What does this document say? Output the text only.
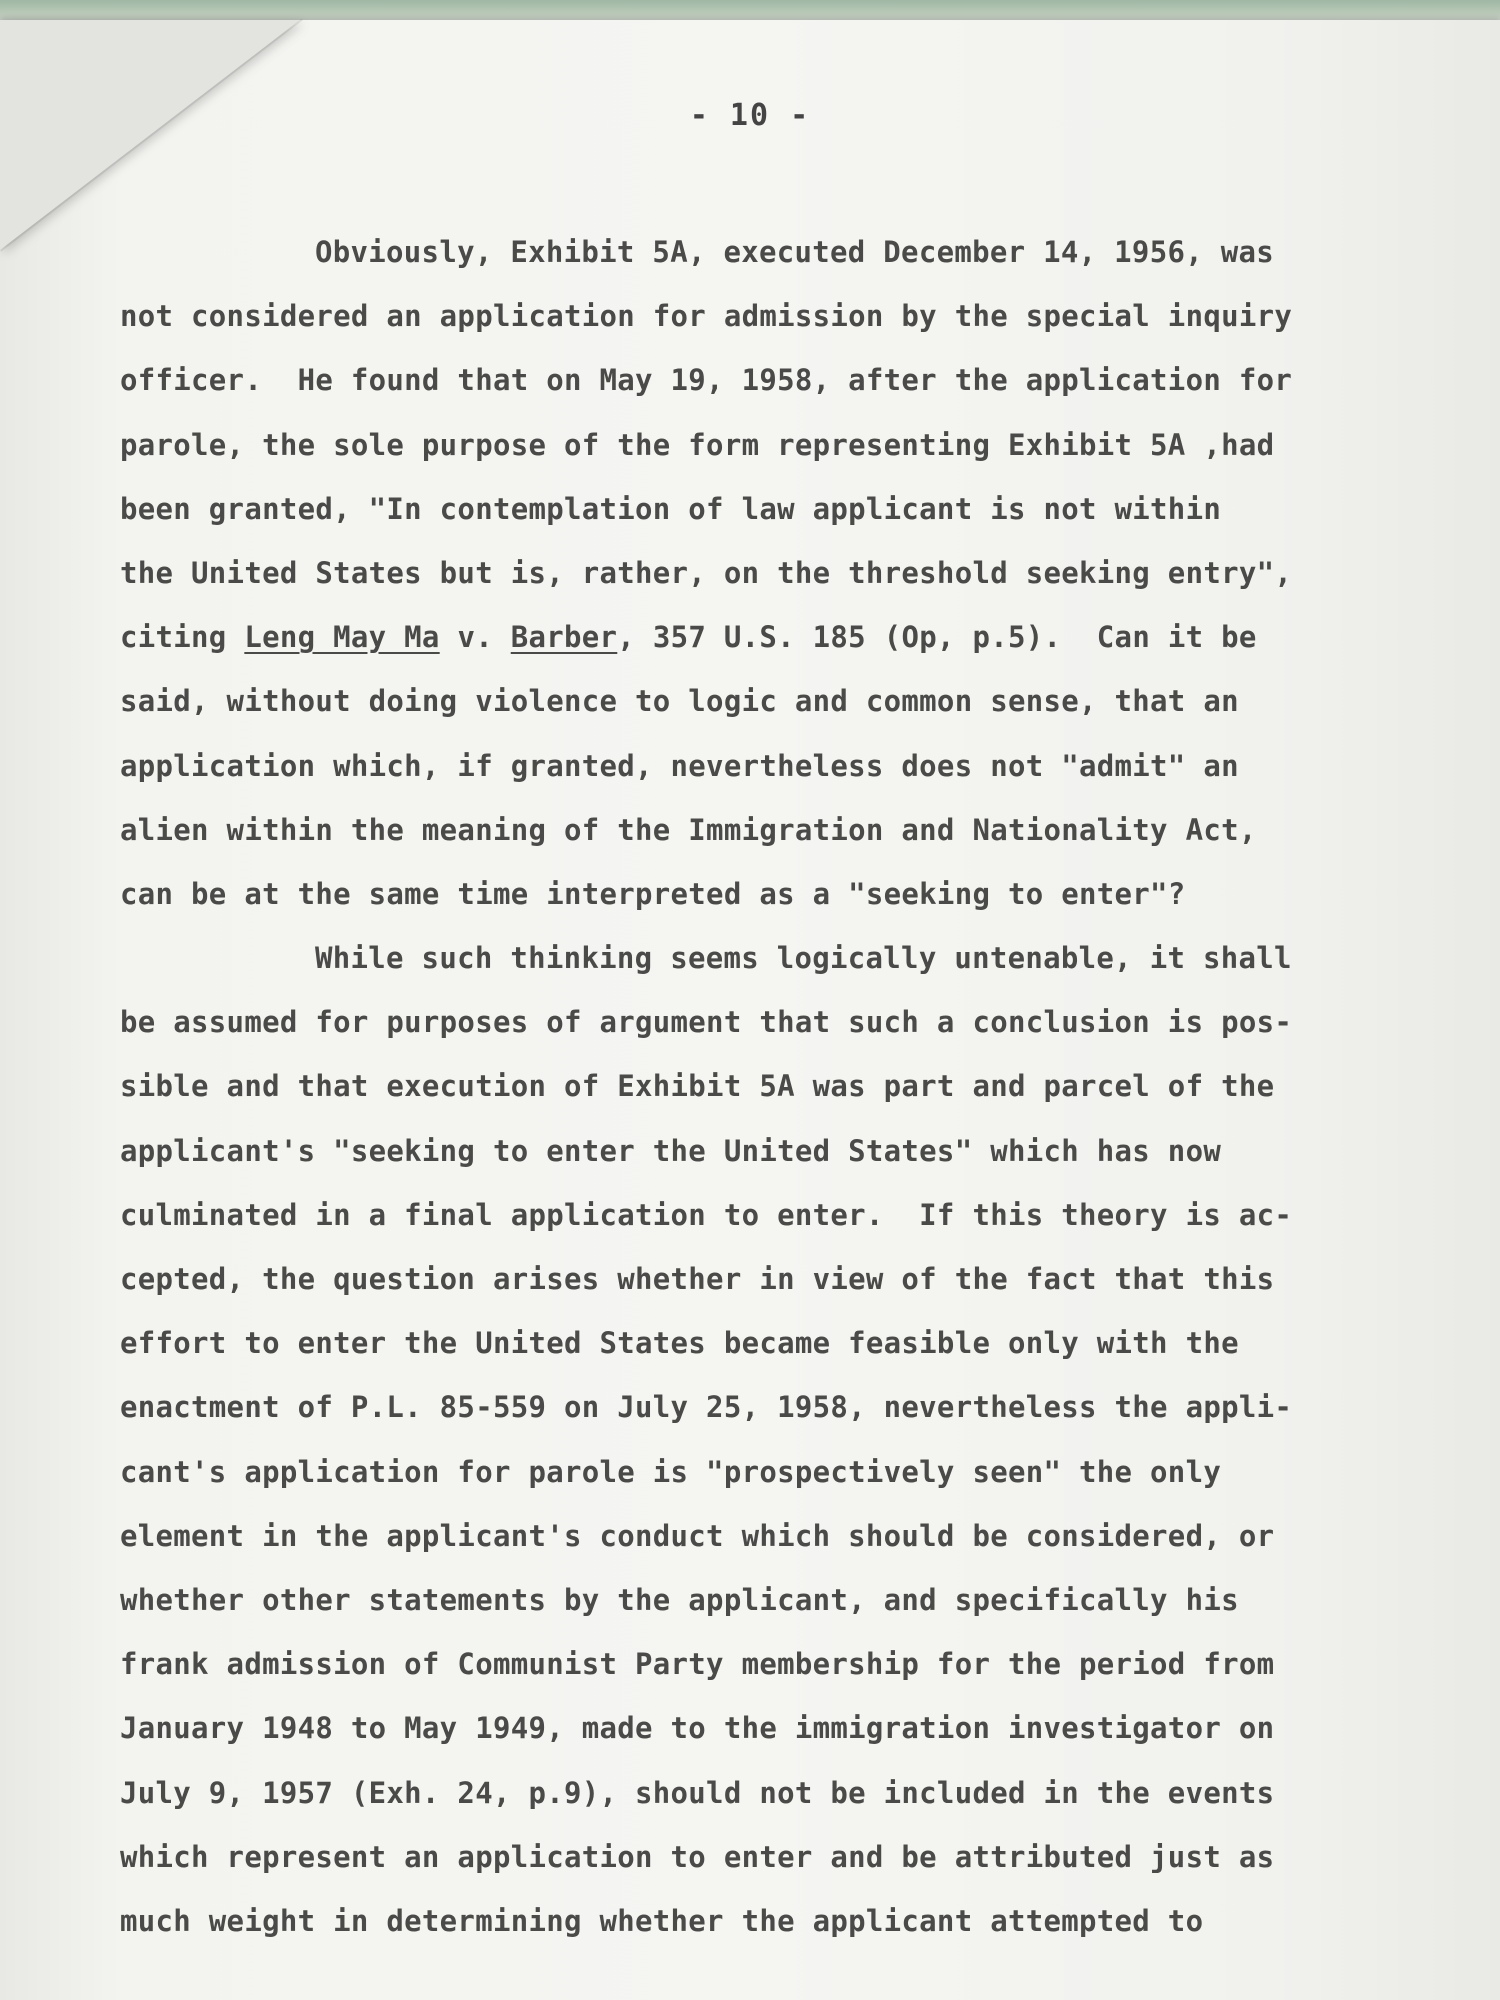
- 10 -
Obviously, Exhibit 5A, executed December 14, 1956, was
not considered an application for admission by the special inquiry
officer.  He found that on May 19, 1958, after the application for
parole, the sole purpose of the form representing Exhibit 5A ,had
been granted, "In contemplation of law applicant is not within
the United States but is, rather, on the threshold seeking entry",
citing Leng May Ma v. Barber, 357 U.S. 185 (Op, p.5).  Can it be
said, without doing violence to logic and common sense, that an
application which, if granted, nevertheless does not "admit" an
alien within the meaning of the Immigration and Nationality Act,
can be at the same time interpreted as a "seeking to enter"?
While such thinking seems logically untenable, it shall
be assumed for purposes of argument that such a conclusion is pos-
sible and that execution of Exhibit 5A was part and parcel of the
applicant's "seeking to enter the United States" which has now
culminated in a final application to enter.  If this theory is ac-
cepted, the question arises whether in view of the fact that this
effort to enter the United States became feasible only with the
enactment of P.L. 85-559 on July 25, 1958, nevertheless the appli-
cant's application for parole is "prospectively seen" the only
element in the applicant's conduct which should be considered, or
whether other statements by the applicant, and specifically his
frank admission of Communist Party membership for the period from
January 1948 to May 1949, made to the immigration investigator on
July 9, 1957 (Exh. 24, p.9), should not be included in the events
which represent an application to enter and be attributed just as
much weight in determining whether the applicant attempted to
